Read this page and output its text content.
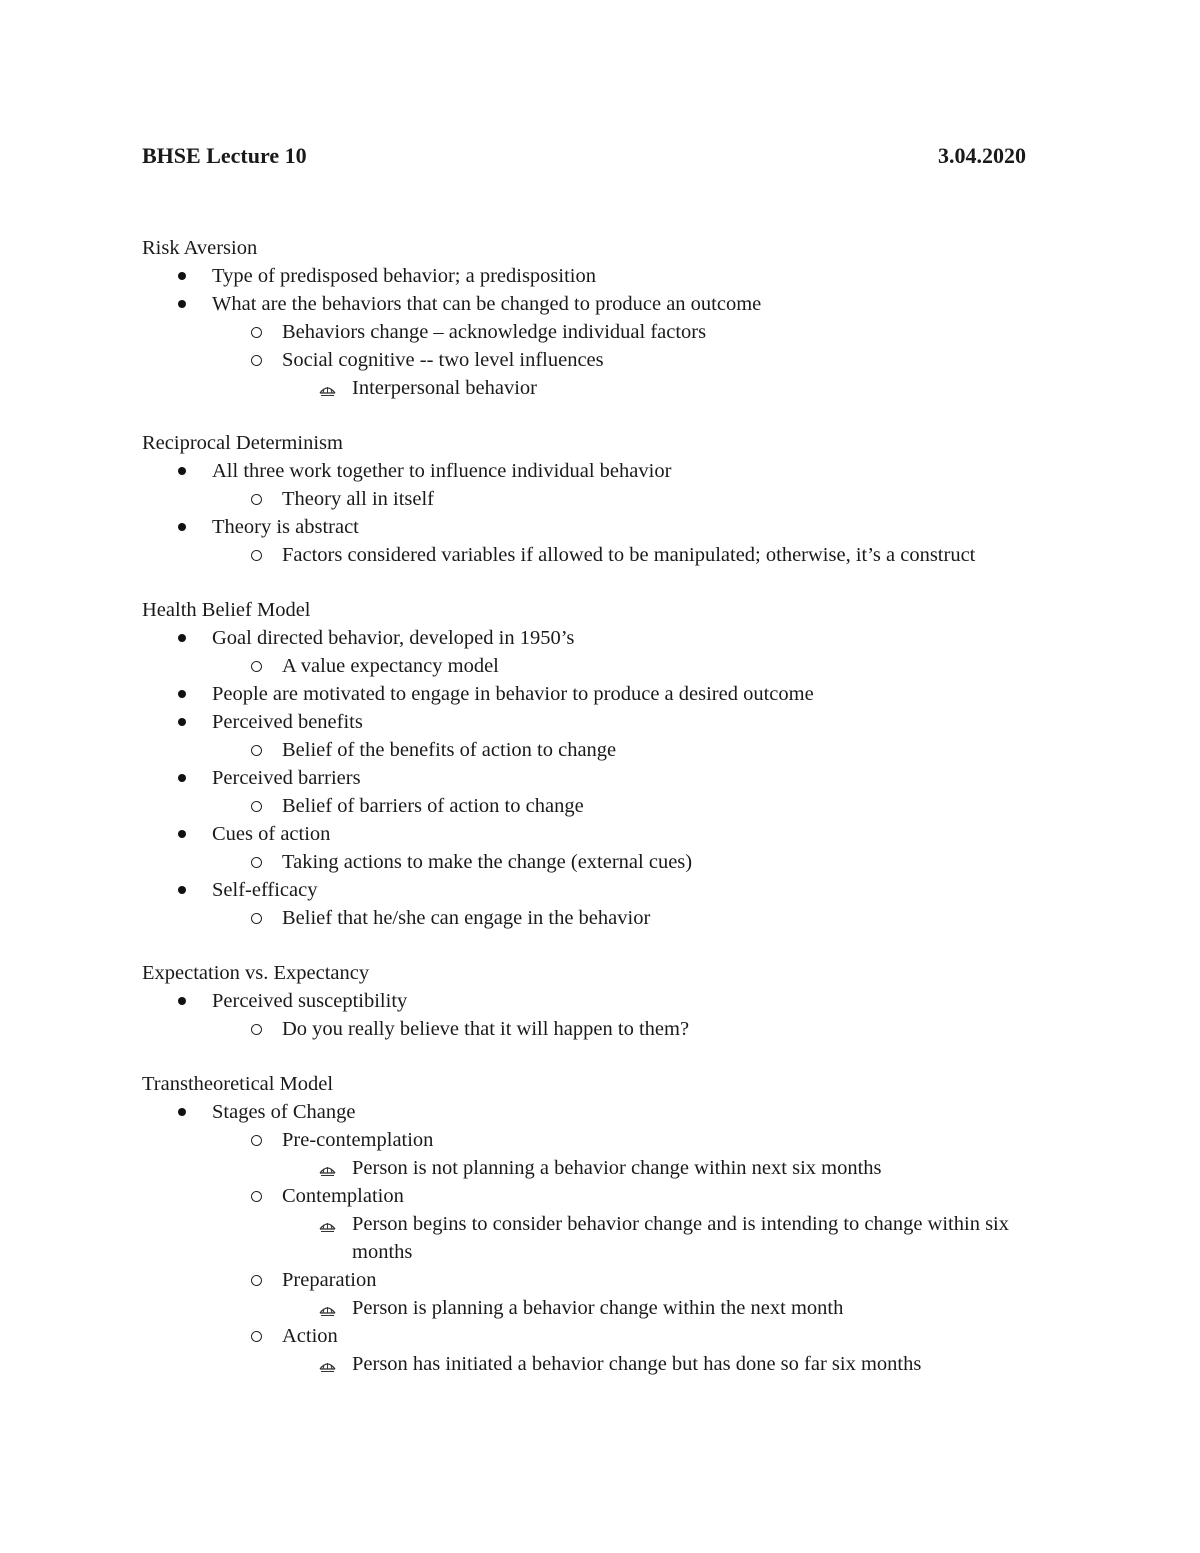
BHSE Lecture 10	3.04.2020
Risk Aversion
Type of predisposed behavior; a predisposition
What are the behaviors that can be changed to produce an outcome
Behaviors change – acknowledge individual factors
Social cognitive -- two level influences
Interpersonal behavior
Reciprocal Determinism
All three work together to influence individual behavior
Theory all in itself
Theory is abstract
Factors considered variables if allowed to be manipulated; otherwise, it’s a construct
Health Belief Model
Goal directed behavior, developed in 1950’s
A value expectancy model
People are motivated to engage in behavior to produce a desired outcome
Perceived benefits
Belief of the benefits of action to change
Perceived barriers
Belief of barriers of action to change
Cues of action
Taking actions to make the change (external cues)
Self-efficacy
Belief that he/she can engage in the behavior
Expectation vs. Expectancy
Perceived susceptibility
Do you really believe that it will happen to them?
Transtheoretical Model
Stages of Change
Pre-contemplation
Person is not planning a behavior change within next six months
Contemplation
Person begins to consider behavior change and is intending to change within six months
Preparation
Person is planning a behavior change within the next month
Action
Person has initiated a behavior change but has done so far six months
